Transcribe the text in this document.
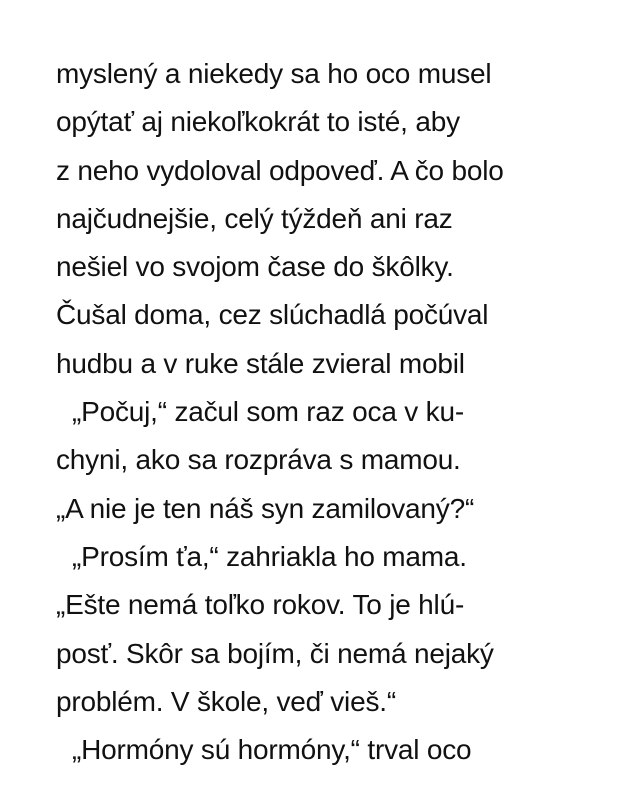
myslený a niekedy sa ho oco musel
opýtať aj niekoľkokrát to isté, aby
z neho vydoloval odpoveď. A čo bolo
najčudnejšie, celý týždeň ani raz
nešiel vo svojom čase do škôlky.
Čušal doma, cez slúchadlá počúval
hudbu a v ruke stále zvieral mobil
„Počuj,“ začul som raz oca v ku-
chyni, ako sa rozpráva s mamou.
„A nie je ten náš syn zamilovaný?“
„Prosím ťa,“ zahriakla ho mama.
„Ešte nemá toľko rokov. To je hlú-
posť. Skôr sa bojím, či nemá nejaký
problém. V škole, veď vieš.“
„Hormóny sú hormóny,“ trval oco
